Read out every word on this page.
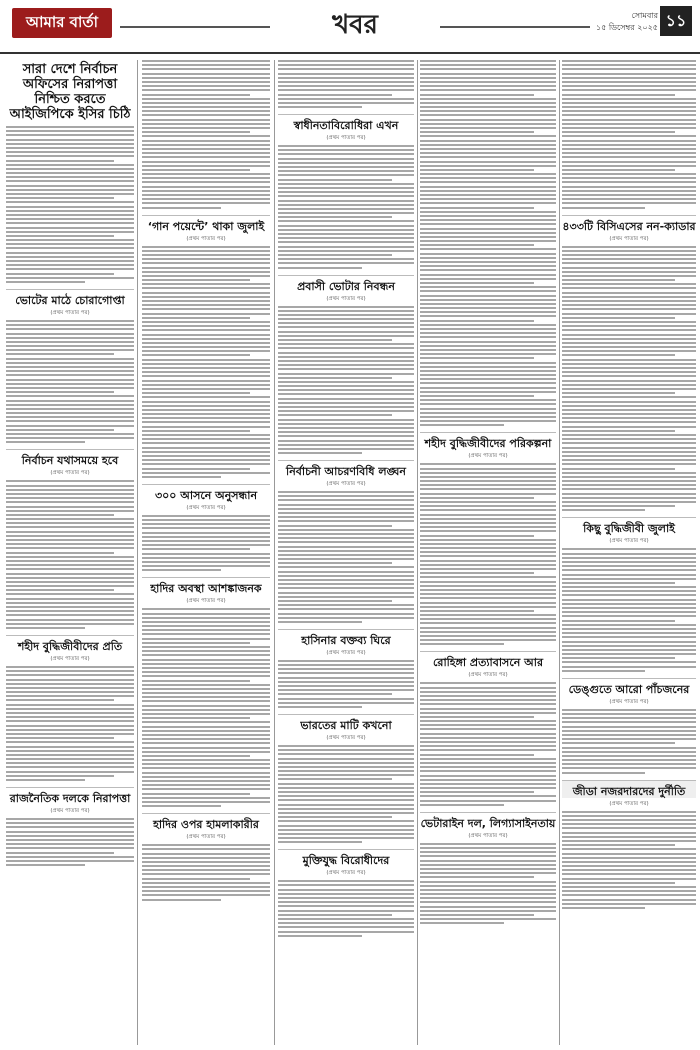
আমার বার্তা	খবর	সোমবার
১৫ ডিসেম্বর ২০২৫ ১১
সারা দেশে নির্বাচন অফিসের নিরাপত্তা নিশ্চিত করতে আইজিপিকে ইসির চিঠি
ভোটের মাঠে চোরাগোপ্তা
(প্রথম পাতার পর)
নির্বাচন যথাসময়ে হবে
(প্রথম পাতার পর)
শহীদ বুদ্ধিজীবীদের প্রতি
(প্রথম পাতার পর)
রাজনৈতিক দলকে নিরাপত্তা
(প্রথম পাতার পর)
‘গান পয়েন্টে’ থাকা জুলাই
(প্রথম পাতার পর)
৩০০ আসনে অনুসন্ধান
(প্রথম পাতার পর)
হাদির অবস্থা আশঙ্কাজনক
(প্রথম পাতার পর)
হাদির ওপর হামলাকারীর
(প্রথম পাতার পর)
স্বাধীনতাবিরোধিরা এখন
(প্রথম পাতার পর)
প্রবাসী ভোটার নিবন্ধন
(প্রথম পাতার পর)
নির্বাচনী আচরণবিধি লঙ্ঘন
(প্রথম পাতার পর)
হাসিনার বক্তব্য ঘিরে
(প্রথম পাতার পর)
ভারতের মাটি কখনো
(প্রথম পাতার পর)
মুক্তিযুদ্ধ বিরোধীদের
(প্রথম পাতার পর)
শহীদ বুদ্ধিজীবীদের পরিকল্পনা
(প্রথম পাতার পর)
রোহিঙ্গা প্রত্যাবাসনে আর
(প্রথম পাতার পর)
ভেটারাইন দল, লিগ্যাসাইনতায়
(প্রথম পাতার পর)
৪৩৩টি বিসিএসের নন-ক্যাডার
(প্রথম পাতার পর)
কিছু বুদ্ধিজীবী জুলাই
(প্রথম পাতার পর)
ডেঙ্গুতে আরো পাঁচজনের
(প্রথম পাতার পর)
জীডা নজরদারদের দুর্নীতি
(প্রথম পাতার পর)
